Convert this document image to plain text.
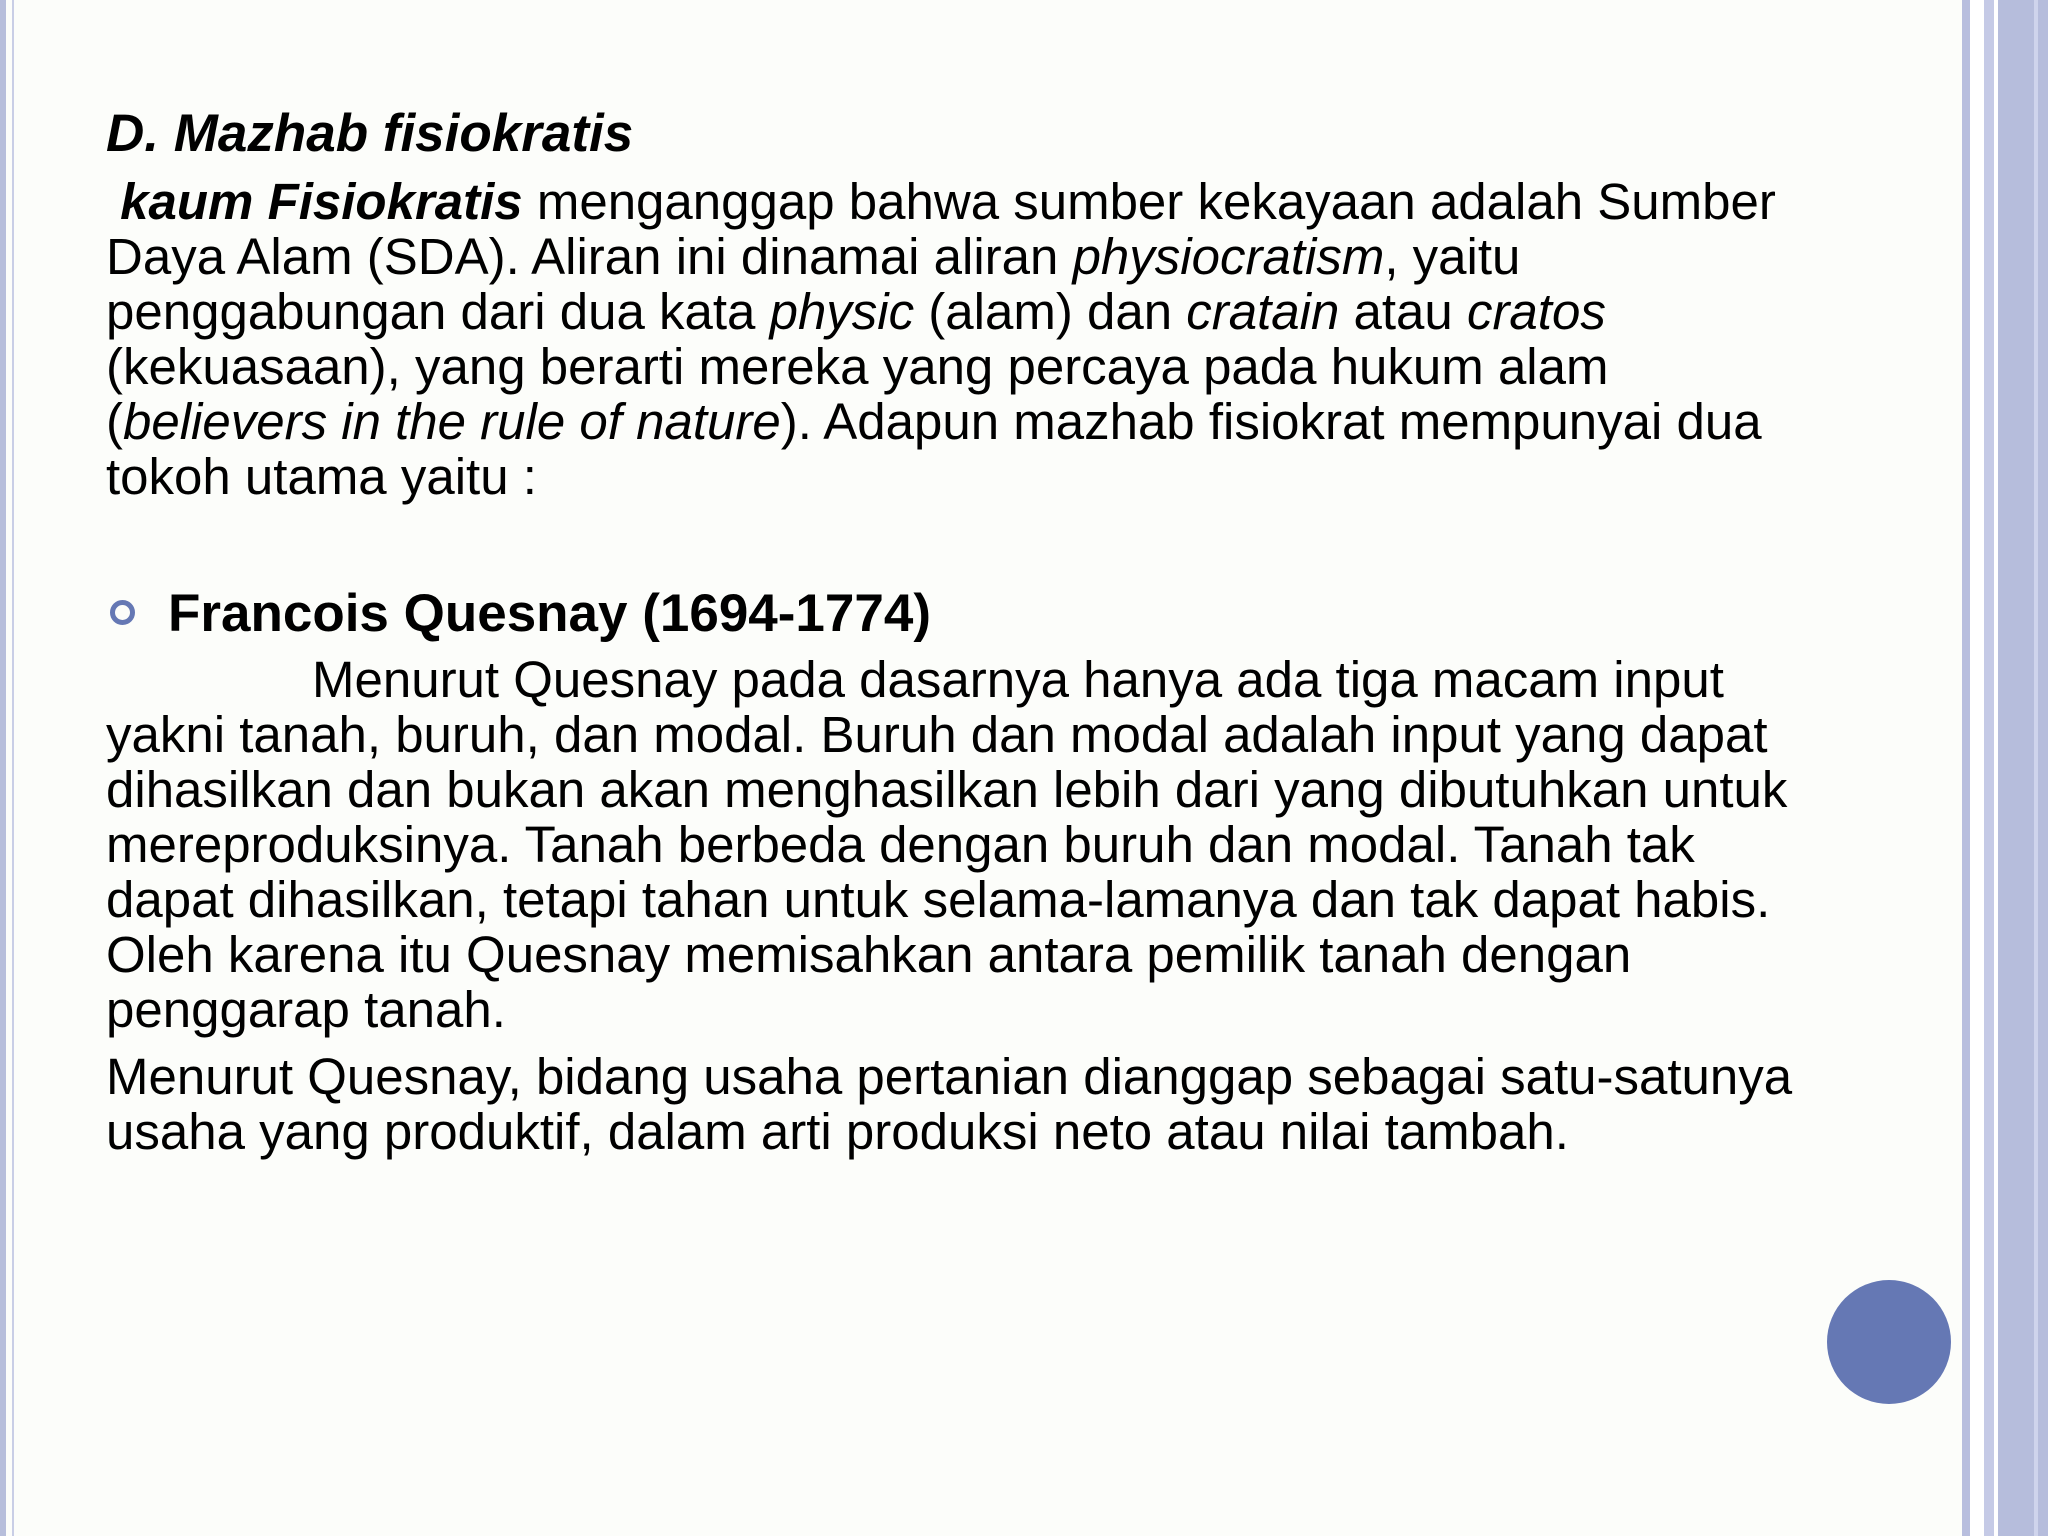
D. Mazhab fisiokratis

kaum Fisiokratis menganggap bahwa sumber kekayaan adalah Sumber Daya Alam (SDA). Aliran ini dinamai aliran physiocratism, yaitu penggabungan dari dua kata physic (alam) dan cratain atau cratos (kekuasaan), yang berarti mereka yang percaya pada hukum alam (believers in the rule of nature). Adapun mazhab fisiokrat mempunyai dua tokoh utama yaitu :

Francois Quesnay (1694-1774)

Menurut Quesnay pada dasarnya hanya ada tiga macam input yakni tanah, buruh, dan modal. Buruh dan modal adalah input yang dapat dihasilkan dan bukan akan menghasilkan lebih dari yang dibutuhkan untuk mereproduksinya. Tanah berbeda dengan buruh dan modal. Tanah tak dapat dihasilkan, tetapi tahan untuk selama-lamanya dan tak dapat habis. Oleh karena itu Quesnay memisahkan antara pemilik tanah dengan penggarap tanah.

Menurut Quesnay, bidang usaha pertanian dianggap sebagai satu-satunya usaha yang produktif, dalam arti produksi neto atau nilai tambah.
